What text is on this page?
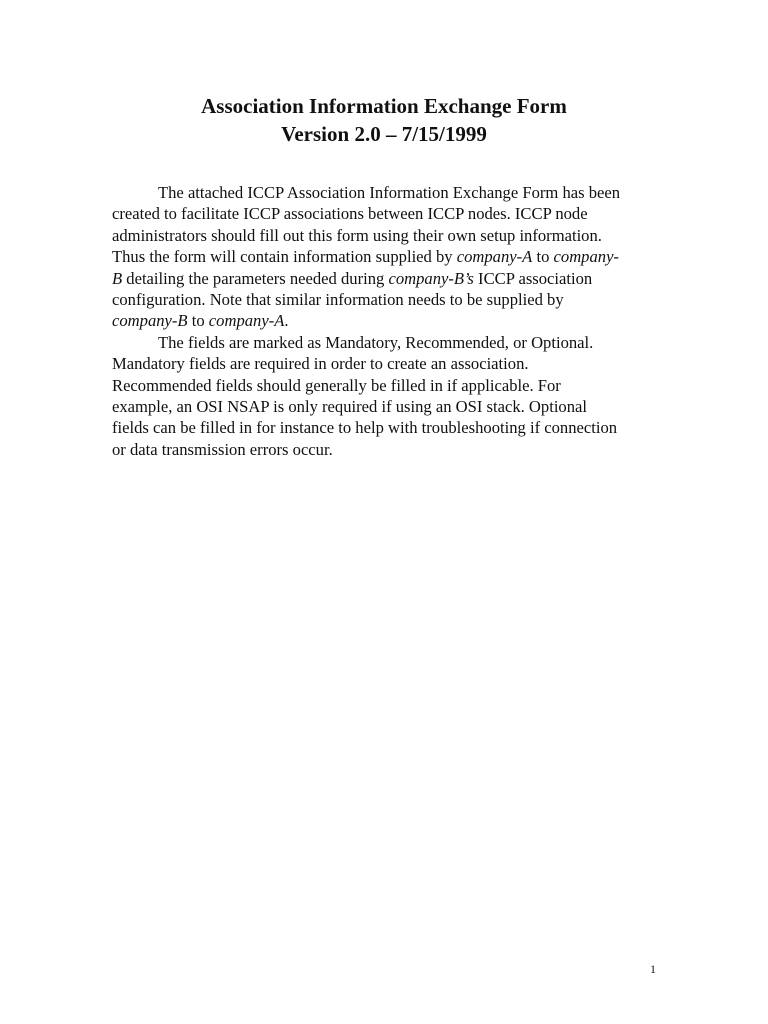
Association Information Exchange Form
Version 2.0 – 7/15/1999
The attached ICCP Association Information Exchange Form has been
created to facilitate ICCP associations between ICCP nodes. ICCP node
administrators should fill out this form using their own setup information.
Thus the form will contain information supplied by company-A to company-
B detailing the parameters needed during company-B’s ICCP association
configuration. Note that similar information needs to be supplied by
company-B to company-A.
The fields are marked as Mandatory, Recommended, or Optional.
Mandatory fields are required in order to create an association.
Recommended fields should generally be filled in if applicable. For
example, an OSI NSAP is only required if using an OSI stack. Optional
fields can be filled in for instance to help with troubleshooting if connection
or data transmission errors occur.
1
